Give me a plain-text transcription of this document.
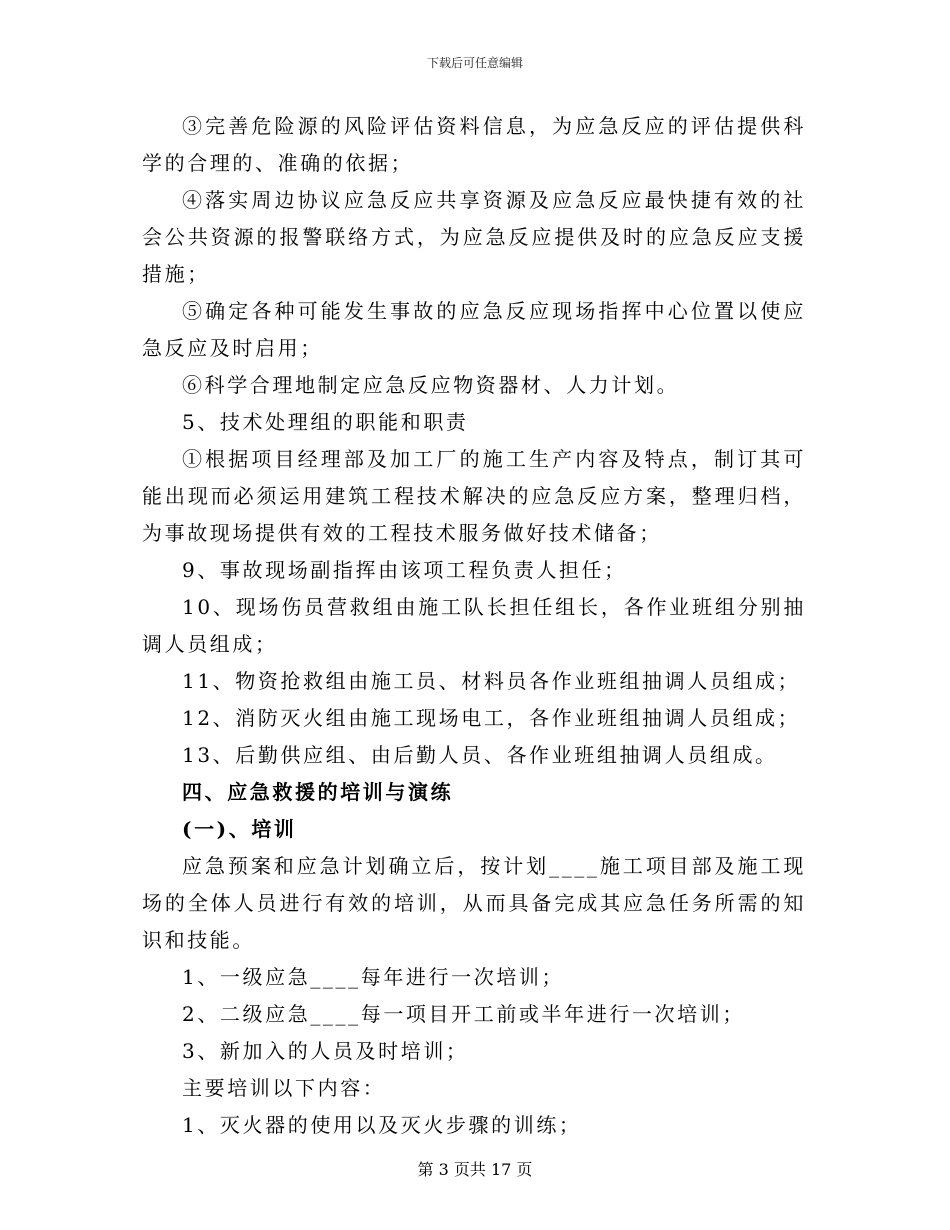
下载后可任意编辑

③完善危险源的风险评估资料信息，为应急反应的评估提供科学的合理的、准确的依据；

④落实周边协议应急反应共享资源及应急反应最快捷有效的社会公共资源的报警联络方式，为应急反应提供及时的应急反应支援措施；

⑤确定各种可能发生事故的应急反应现场指挥中心位置以使应急反应及时启用；

⑥科学合理地制定应急反应物资器材、人力计划。

5、技术处理组的职能和职责

①根据项目经理部及加工厂的施工生产内容及特点，制订其可能出现而必须运用建筑工程技术解决的应急反应方案，整理归档，为事故现场提供有效的工程技术服务做好技术储备；

9、事故现场副指挥由该项工程负责人担任；

10、现场伤员营救组由施工队长担任组长，各作业班组分别抽调人员组成；

11、物资抢救组由施工员、材料员各作业班组抽调人员组成；

12、消防灭火组由施工现场电工，各作业班组抽调人员组成；

13、后勤供应组、由后勤人员、各作业班组抽调人员组成。

四、应急救援的培训与演练

(一)、培训

应急预案和应急计划确立后，按计划____施工项目部及施工现场的全体人员进行有效的培训，从而具备完成其应急任务所需的知识和技能。

1、一级应急____每年进行一次培训；

2、二级应急____每一项目开工前或半年进行一次培训；

3、新加入的人员及时培训；

主要培训以下内容：

1、灭火器的使用以及灭火步骤的训练；

第 3 页共 17 页
